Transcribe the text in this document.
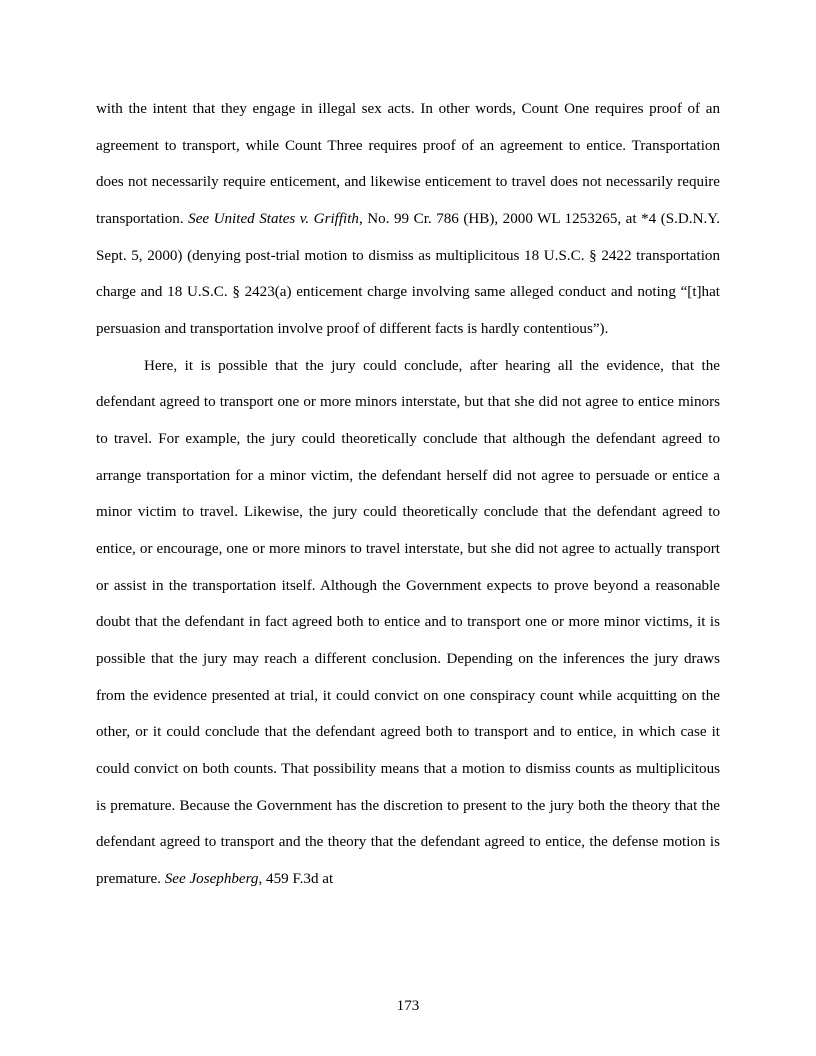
with the intent that they engage in illegal sex acts. In other words, Count One requires proof of an agreement to transport, while Count Three requires proof of an agreement to entice. Transportation does not necessarily require enticement, and likewise enticement to travel does not necessarily require transportation. See United States v. Griffith, No. 99 Cr. 786 (HB), 2000 WL 1253265, at *4 (S.D.N.Y. Sept. 5, 2000) (denying post-trial motion to dismiss as multiplicitous 18 U.S.C. § 2422 transportation charge and 18 U.S.C. § 2423(a) enticement charge involving same alleged conduct and noting “[t]hat persuasion and transportation involve proof of different facts is hardly contentious”).

Here, it is possible that the jury could conclude, after hearing all the evidence, that the defendant agreed to transport one or more minors interstate, but that she did not agree to entice minors to travel. For example, the jury could theoretically conclude that although the defendant agreed to arrange transportation for a minor victim, the defendant herself did not agree to persuade or entice a minor victim to travel. Likewise, the jury could theoretically conclude that the defendant agreed to entice, or encourage, one or more minors to travel interstate, but she did not agree to actually transport or assist in the transportation itself. Although the Government expects to prove beyond a reasonable doubt that the defendant in fact agreed both to entice and to transport one or more minor victims, it is possible that the jury may reach a different conclusion. Depending on the inferences the jury draws from the evidence presented at trial, it could convict on one conspiracy count while acquitting on the other, or it could conclude that the defendant agreed both to transport and to entice, in which case it could convict on both counts. That possibility means that a motion to dismiss counts as multiplicitous is premature. Because the Government has the discretion to present to the jury both the theory that the defendant agreed to transport and the theory that the defendant agreed to entice, the defense motion is premature. See Josephberg, 459 F.3d at

173
